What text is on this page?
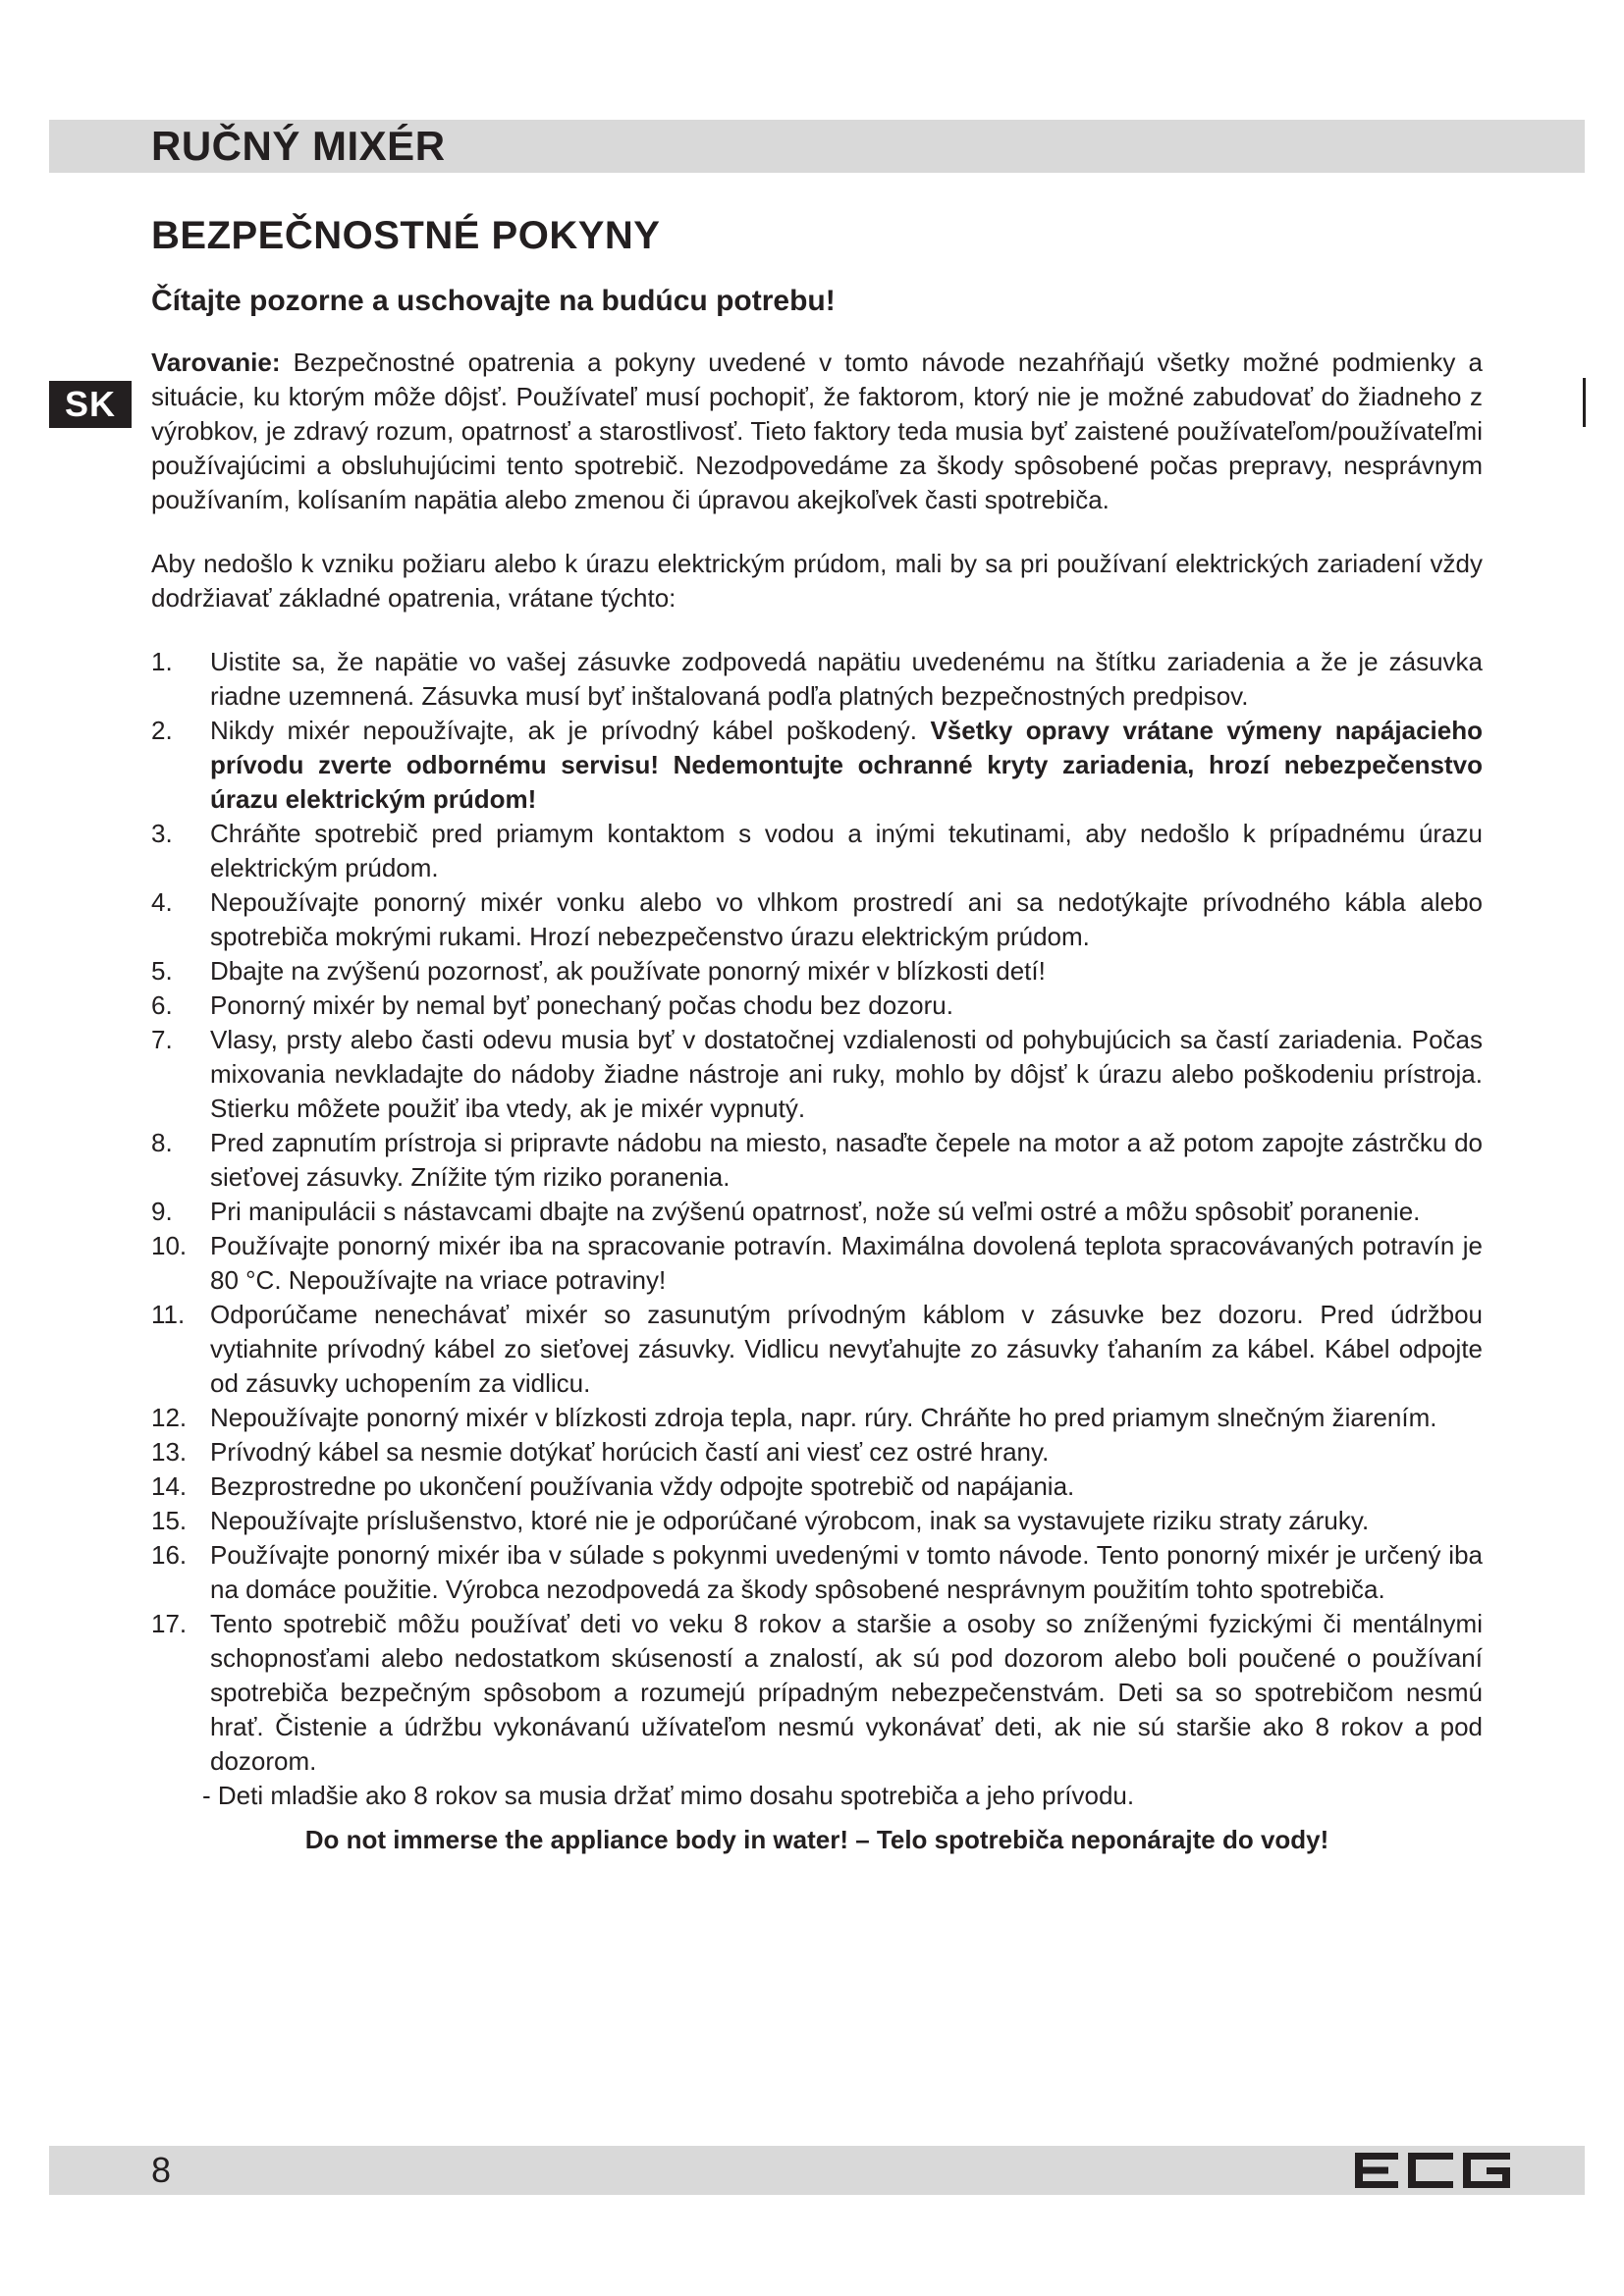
RUČNÝ MIXÉR
BEZPEČNOSTNÉ POKYNY
Čítajte pozorne a uschovajte na budúcu potrebu!
SK

Varovanie: Bezpečnostné opatrenia a pokyny uvedené v tomto návode nezahŕňajú všetky možné podmienky a situácie, ku ktorým môže dôjsť. Používateľ musí pochopiť, že faktorom, ktorý nie je možné zabudovať do žiadneho z výrobkov, je zdravý rozum, opatrnosť a starostlivosť. Tieto faktory teda musia byť zaistené používateľom/používateľmi používajúcimi a obsluhujúcimi tento spotrebič. Nezodpovedáme za škody spôsobené počas prepravy, nesprávnym používaním, kolísaním napätia alebo zmenou či úpravou akejkoľvek časti spotrebiča.

Aby nedošlo k vzniku požiaru alebo k úrazu elektrickým prúdom, mali by sa pri používaní elektrických zariadení vždy dodržiavať základné opatrenia, vrátane týchto:

1. Uistite sa, že napätie vo vašej zásuvke zodpovedá napätiu uvedenému na štítku zariadenia a že je zásuvka riadne uzemnená. Zásuvka musí byť inštalovaná podľa platných bezpečnostných predpisov.
2. Nikdy mixér nepoužívajte, ak je prívodný kábel poškodený. Všetky opravy vrátane výmeny napájacieho prívodu zverte odbornému servisu! Nedemontujte ochranné kryty zariadenia, hrozí nebezpečenstvo úrazu elektrickým prúdom!
3. Chráňte spotrebič pred priamym kontaktom s vodou a inými tekutinami, aby nedošlo k prípadnému úrazu elektrickým prúdom.
4. Nepoužívajte ponorný mixér vonku alebo vo vlhkom prostredí ani sa nedotýkajte prívodného kábla alebo spotrebiča mokrými rukami. Hrozí nebezpečenstvo úrazu elektrickým prúdom.
5. Dbajte na zvýšenú pozornosť, ak používate ponorný mixér v blízkosti detí!
6. Ponorný mixér by nemal byť ponechaný počas chodu bez dozoru.
7. Vlasy, prsty alebo časti odevu musia byť v dostatočnej vzdialenosti od pohybujúcich sa častí zariadenia. Počas mixovania nevkladajte do nádoby žiadne nástroje ani ruky, mohlo by dôjsť k úrazu alebo poškodeniu prístroja. Stierku môžete použiť iba vtedy, ak je mixér vypnutý.
8. Pred zapnutím prístroja si pripravte nádobu na miesto, nasaďte čepele na motor a až potom zapojte zástrčku do sieťovej zásuvky. Znížite tým riziko poranenia.
9. Pri manipulácii s nástavcami dbajte na zvýšenú opatrnosť, nože sú veľmi ostré a môžu spôsobiť poranenie.
10. Používajte ponorný mixér iba na spracovanie potravín. Maximálna dovolená teplota spracovávaných potravín je 80 °C. Nepoužívajte na vriace potraviny!
11. Odporúčame nenechávať mixér so zasunutým prívodným káblom v zásuvke bez dozoru. Pred údržbou vytiahnite prívodný kábel zo sieťovej zásuvky. Vidlicu nevyťahujte zo zásuvky ťahaním za kábel. Kábel odpojte od zásuvky uchopením za vidlicu.
12. Nepoužívajte ponorný mixér v blízkosti zdroja tepla, napr. rúry. Chráňte ho pred priamym slnečným žiarením.
13. Prívodný kábel sa nesmie dotýkať horúcich častí ani viesť cez ostré hrany.
14. Bezprostredne po ukončení používania vždy odpojte spotrebič od napájania.
15. Nepoužívajte príslušenstvo, ktoré nie je odporúčané výrobcom, inak sa vystavujete riziku straty záruky.
16. Používajte ponorný mixér iba v súlade s pokynmi uvedenými v tomto návode. Tento ponorný mixér je určený iba na domáce použitie. Výrobca nezodpovedá za škody spôsobené nesprávnym použitím tohto spotrebiča.
17. Tento spotrebič môžu používať deti vo veku 8 rokov a staršie a osoby so zníženými fyzickými či mentálnymi schopnosťami alebo nedostatkom skúseností a znalostí, ak sú pod dozorom alebo boli poučené o používaní spotrebiča bezpečným spôsobom a rozumejú prípadným nebezpečenstvám. Deti sa so spotrebičom nesmú hrať. Čistenie a údržbu vykonávanú užívateľom nesmú vykonávať deti, ak nie sú staršie ako 8 rokov a pod dozorom.
- Deti mladšie ako 8 rokov sa musia držať mimo dosahu spotrebiča a jeho prívodu.
Do not immerse the appliance body in water! – Telo spotrebiča neponárajte do vody!
8
